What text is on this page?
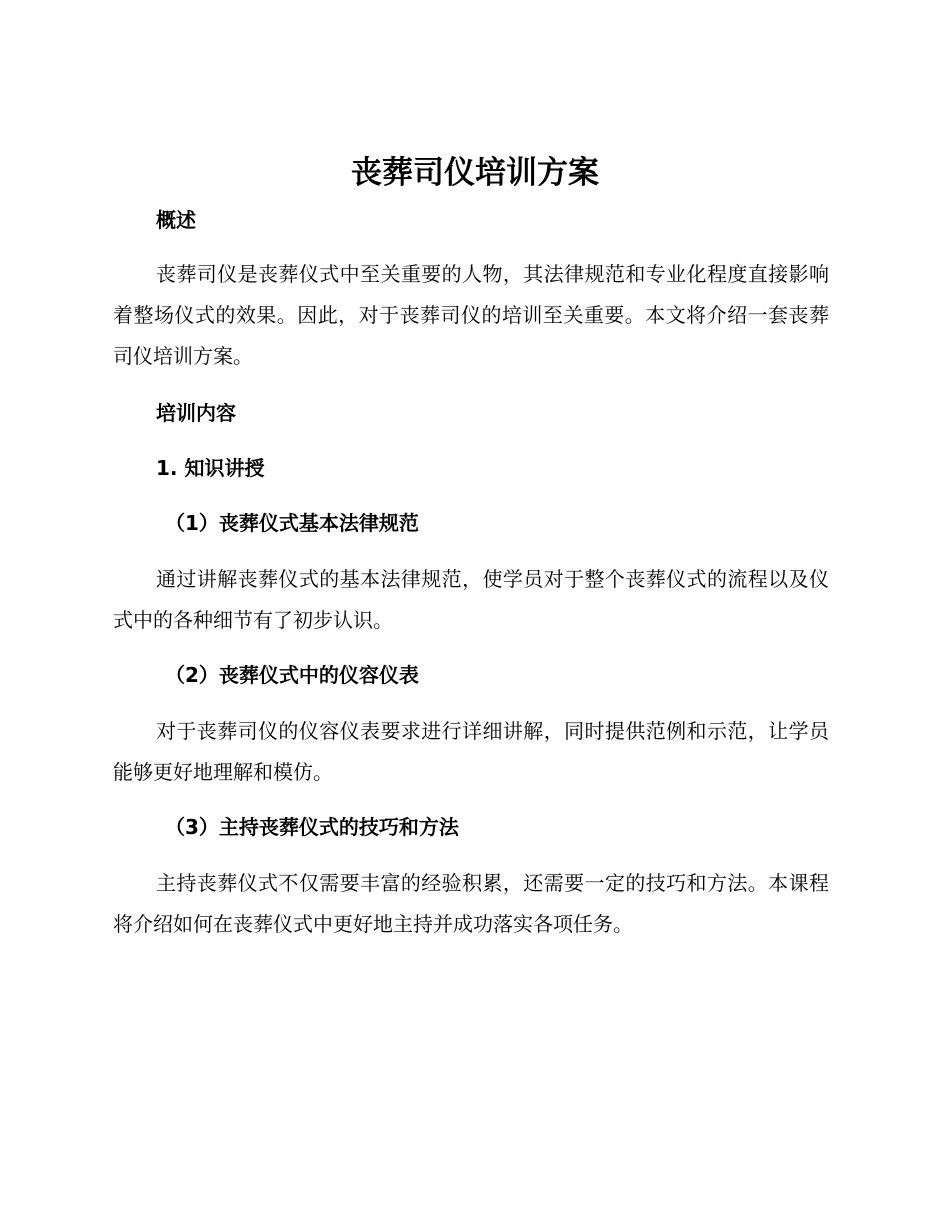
丧葬司仪培训方案
概述

丧葬司仪是丧葬仪式中至关重要的人物，其法律规范和专业化程度直接影响着整场仪式的效果。因此，对于丧葬司仪的培训至关重要。本文将介绍一套丧葬司仪培训方案。

培训内容
1. 知识讲授
（1）丧葬仪式基本法律规范

通过讲解丧葬仪式的基本法律规范，使学员对于整个丧葬仪式的流程以及仪式中的各种细节有了初步认识。

（2）丧葬仪式中的仪容仪表

对于丧葬司仪的仪容仪表要求进行详细讲解，同时提供范例和示范，让学员能够更好地理解和模仿。

（3）主持丧葬仪式的技巧和方法

主持丧葬仪式不仅需要丰富的经验积累，还需要一定的技巧和方法。本课程将介绍如何在丧葬仪式中更好地主持并成功落实各项任务。
